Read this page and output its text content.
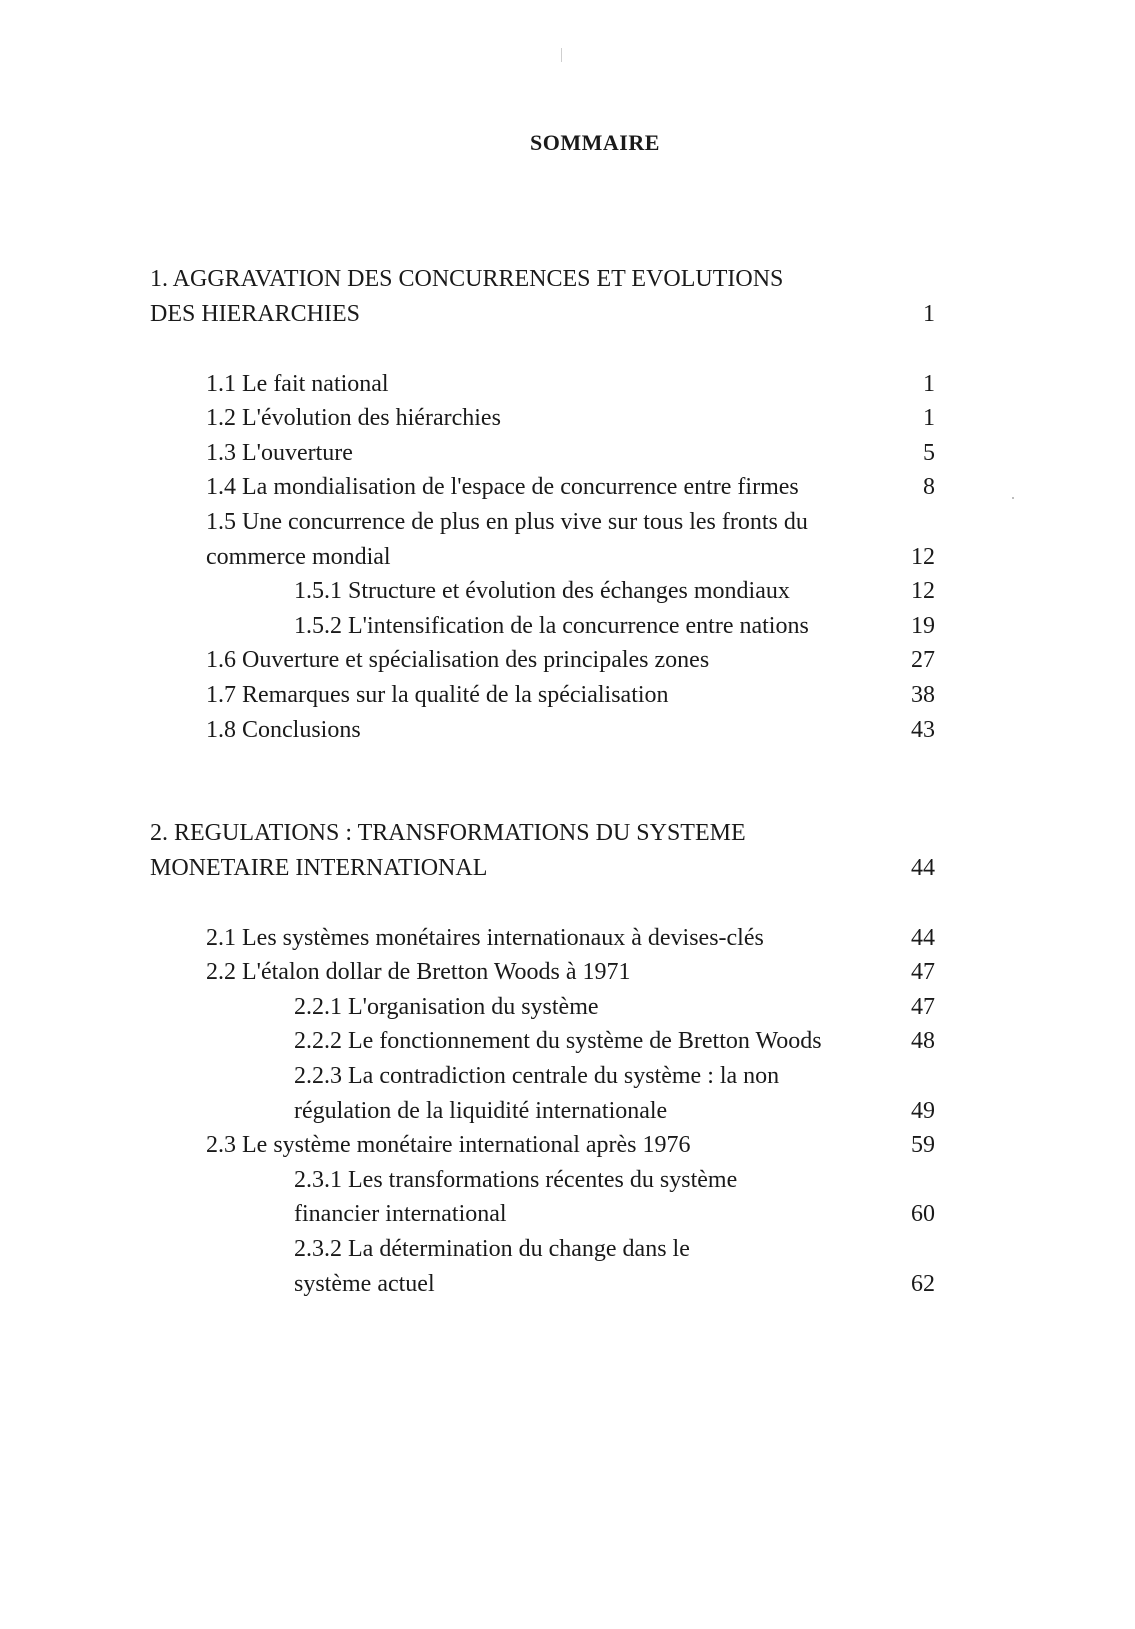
SOMMAIRE
1. AGGRAVATION DES CONCURRENCES ET EVOLUTIONS
DES HIERARCHIES	1
1.1 Le fait national	1
1.2 L'évolution des hiérarchies	1
1.3 L'ouverture	5
1.4 La mondialisation de l'espace de concurrence entre firmes	8
1.5 Une concurrence de plus en plus vive sur tous les fronts du
commerce mondial	12
1.5.1 Structure et évolution des échanges mondiaux	12
1.5.2 L'intensification de la concurrence entre nations	19
1.6 Ouverture et spécialisation des principales zones	27
1.7 Remarques sur la qualité de la spécialisation	38
1.8 Conclusions	43
2. REGULATIONS : TRANSFORMATIONS DU SYSTEME
MONETAIRE INTERNATIONAL	44
2.1 Les systèmes monétaires internationaux à devises-clés	44
2.2 L'étalon dollar de Bretton Woods à 1971	47
2.2.1 L'organisation du système	47
2.2.2 Le fonctionnement du système de Bretton Woods	48
2.2.3 La contradiction centrale du système : la non
régulation de la liquidité internationale	49
2.3 Le système monétaire international après 1976	59
2.3.1 Les transformations récentes du système
financier international	60
2.3.2 La détermination du change dans le
système actuel	62
